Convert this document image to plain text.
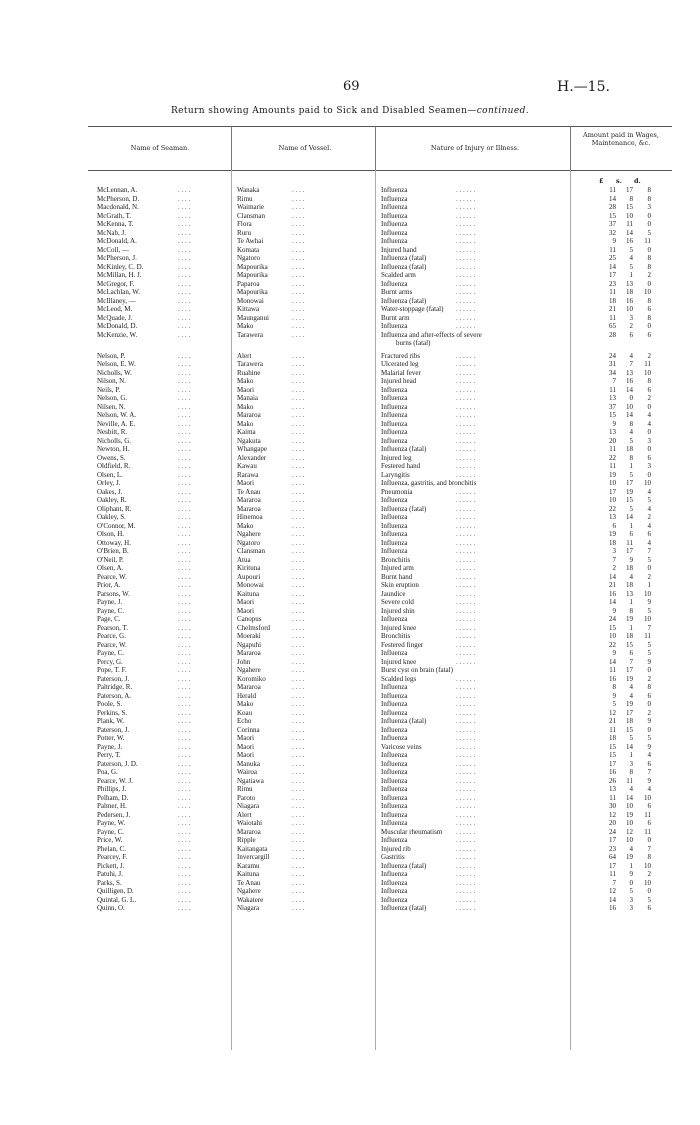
69	H.—15.
Return showing Amounts paid to Sick and Disabled Seamen—continued.
Name of Seaman.	Name of Vessel.	Nature of Injury or Illness.
Amount paid in Wages, Maintenance, &c.
£ s. d.
McLennan, A.	. . . .	Wanaka	. . . .	Influenza	. . . . . .	11	17	8
McPherson, D.	. . . .	Rimu	. . . .	Influenza	. . . . . .	14	8	8
Macdonald, N.	. . . .	Waimarie	. . . .	Influenza	. . . . . .	28	15	3
McGrath, T.	. . . .	Clansman	. . . .	Influenza	. . . . . .	15	10	0
McKenna, T.	. . . .	Flora	. . . .	Influenza	. . . . . .	37	11	0
McNab, J.	. . . .	Ruru	. . . .	Influenza	. . . . . .	32	14	5
McDonald, A.	. . . .	Te Awhai	. . . .	Influenza	. . . . . .	9	16	11
McColl, —	. . . .	Komata	. . . .	Injured hand	. . . . . .	11	5	0
McPherson, J.	. . . .	Ngatoro	. . . .	Influenza (fatal)	. . . . . .	25	4	8
McKinley, C. D.	. . . .	Mapourika	. . . .	Influenza (fatal)	. . . . . .	14	5	8
McMillan, H. J.	. . . .	Mapourika	. . . .	Scalded arm	. . . . . .	17	1	2
McGregor, F.	. . . .	Paparoa	. . . .	Influenza	. . . . . .	23	13	0
McLachlan, W.	. . . .	Mapourika	. . . .	Burnt arms	. . . . . .	11	18	10
McIllaney, —	. . . .	Monowai	. . . .	Influenza (fatal)	. . . . . .	18	16	8
McLeod, M.	. . . .	Kittawa	. . . .	Water-stoppage (fatal) . . . . . .	21	10	6
McQuade, J.	. . . .	Maunganui	. . . .	Burnt arm	. . . . . .	11	3	8
McDonald, D.	. . . .	Mako	. . . .	Influenza	. . . . . .	65	2	0
McKenzie, W.	. . . .	Tarawera	. . . .	Influenza and after-effects of severe	28	6	6
burns (fatal)
Nelson, P.	. . . .	Alert	. . . .	Fractured ribs	. . . . . .	24	4	2
Nelson, E. W.	. . . .	Tarawera	. . . .	Ulcerated leg	. . . . . .	31	7	11
Nicholls, W.	. . . .	Ruahine	. . . .	Malarial fever	. . . . . .	34	13	10
Nilson, N.	. . . .	Mako	. . . .	Injured head	. . . . . .	7	16	8
Neils, P.	. . . .	Maori	. . . .	Influenza	. . . . . .	11	14	6
Nelson, G.	. . . .	Manaia	. . . .	Influenza	. . . . . .	13	0	2
Nilsen, N.	. . . .	Mako	. . . .	Influenza	. . . . . .	37	10	0
Nelson, W. A.	. . . .	Mararoa	. . . .	Influenza	. . . . . .	15	14	4
Neville, A. E.	. . . .	Mako	. . . .	Influenza	. . . . . .	9	8	4
Nesbitt, R.	. . . .	Kaima	. . . .	Influenza	. . . . . .	13	4	0
Nicholls, G.	. . . .	Ngakuta	. . . .	Influenza	. . . . . .	20	5	3
Newton, H.	. . . .	Whangape	. . . .	Influenza (fatal)	. . . . . .	11	18	0
Owens, S.	. . . .	Alexander	. . . .	Injured leg	. . . . . .	22	8	6
Oldfield, R.	. . . .	Kawau	. . . .	Festered hand	. . . . . .	11	1	3
Olsen, L.	. . . .	Rarawa	. . . .	Laryngitis	. . . . . .	19	5	0
Orley, J.	. . . .	Maori	. . . .	Influenza, gastritis, and bronchitis	10	17	10
Oakes, J.	. . . .	Te Anau	. . . .	Pneumonia	. . . . . .	17	19	4
Oakley, R.	. . . .	Mararoa	. . . .	Influenza	. . . . . .	10	15	5
Oliphant, R.	. . . .	Mararoa	. . . .	Influenza (fatal)	. . . . . .	22	5	4
Oakley, S.	. . . .	Hinemoa	. . . .	Influenza	. . . . . .	13	14	2
O'Connor, M.	. . . .	Mako	. . . .	Influenza	. . . . . .	6	1	4
Olson, H.	. . . .	Ngahere	. . . .	Influenza	. . . . . .	19	6	6
Ottoway, H.	. . . .	Ngatoro	. . . .	Influenza	. . . . . .	18	11	4
O'Brien, B.	. . . .	Clansman	. . . .	Influenza	. . . . . .	3	17	7
O'Neil, P.	. . . .	Atua	. . . .	Bronchitis	. . . . . .	7	9	5
Olsen, A.	. . . .	Kirituna	. . . .	Injured arm	. . . . . .	2	18	0
Pearce, W.	. . . .	Aupouri	. . . .	Burnt hand	. . . . . .	14	4	2
Prior, A.	. . . .	Monowai	. . . .	Skin eruption	. . . . . .	21	18	1
Parsons, W.	. . . .	Kaituna	. . . .	Jaundice	. . . . . .	16	13	10
Payne, J.	. . . .	Maori	. . . .	Severe cold	. . . . . .	14	1	9
Payne, C.	. . . .	Maori	. . . .	Injured shin	. . . . . .	9	8	5
Page, C.	. . . .	Canopus	. . . .	Influenza	. . . . . .	24	19	10
Pearson, T.	. . . .	Chelmsford	. . . .	Injured knee	. . . . . .	15	1	7
Pearce, G.	. . . .	Moeraki	. . . .	Bronchitis	. . . . . .	10	18	11
Pearce, W.	. . . .	Ngapuhi	. . . .	Festered finger	. . . . . .	22	15	5
Payne, C.	. . . .	Mararoa	. . . .	Influenza	. . . . . .	9	6	5
Percy, G.	. . . .	John	. . . .	Injured knee	. . . . . .	14	7	9
Pope, T. F.	. . . .	Ngahere	. . . .	Burst cyst on brain (fatal)	11	17	0
Paterson, J.	. . . .	Koromiko	. . . .	Scalded legs	. . . . . .	16	19	2
Paltridge, R.	. . . .	Mararoa	. . . .	Influenza	. . . . . .	8	4	8
Paterson, A.	. . . .	Herald	. . . .	Influenza	. . . . . .	9	4	6
Poole, S.	. . . .	Mako	. . . .	Influenza	. . . . . .	5	19	0
Perkins, S.	. . . .	Koau	. . . .	Influenza	. . . . . .	12	17	2
Plank, W.	. . . .	Echo	. . . .	Influenza (fatal)	. . . . . .	21	18	9
Paterson, J.	. . . .	Corinna	. . . .	Influenza	. . . . . .	11	15	0
Potter, W.	. . . .	Maori	. . . .	Influenza	. . . . . .	18	5	5
Payne, J.	. . . .	Maori	. . . .	Varicose veins	. . . . . .	15	14	9
Perry, T.	. . . .	Maori	. . . .	Influenza	. . . . . .	15	1	4
Paterson, J. D.	. . . .	Manuka	. . . .	Influenza	. . . . . .	17	3	6
Poa, G.	. . . .	Wairoa	. . . .	Influenza	. . . . . .	16	8	7
Pearce, W. J.	. . . .	Ngatiawa	. . . .	Influenza	. . . . . .	26	11	9
Phillips, J.	. . . .	Rimu	. . . .	Influenza	. . . . . .	13	4	4
Pelham, D.	. . . .	Paroto	. . . .	Influenza	. . . . . .	11	14	10
Palmer, H.	. . . .	Niagara	. . . .	Influenza	. . . . . .	30	10	6
Pedersen, J.	. . . .	Alert	. . . .	Influenza	. . . . . .	12	19	11
Payne, W.	. . . .	Waiotahi	. . . .	Influenza	. . . . . .	20	10	6
Payne, C.	. . . .	Mararoa	. . . .	Muscular rheumatism . . . . . .	24	12	11
Price, W.	. . . .	Ripple	. . . .	Influenza	. . . . . .	17	10	0
Phelan, C.	. . . .	Kaitangata	. . . .	Injured rib	. . . . . .	23	4	7
Pearcey, F.	. . . .	Invercargill	. . . .	Gastritis	. . . . . .	64	19	8
Pickett, J.	. . . .	Karamu	. . . .	Influenza (fatal)	. . . . . .	17	1	10
Patuhi, J.	. . . .	Kaituna	. . . .	Influenza	. . . . . .	11	9	2
Parks, S.	. . . .	Te Anau	. . . .	Influenza	. . . . . .	7	0	10
Quilligen, D.	. . . .	Ngahere	. . . .	Influenza	. . . . . .	12	5	0
Quintal, G. L.	. . . .	Wakatere	. . . .	Influenza	. . . . . .	14	3	5
Quinn, O.	. . . .	Niagara	. . . .	Influenza (fatal)	. . . . . .	16	3	6
